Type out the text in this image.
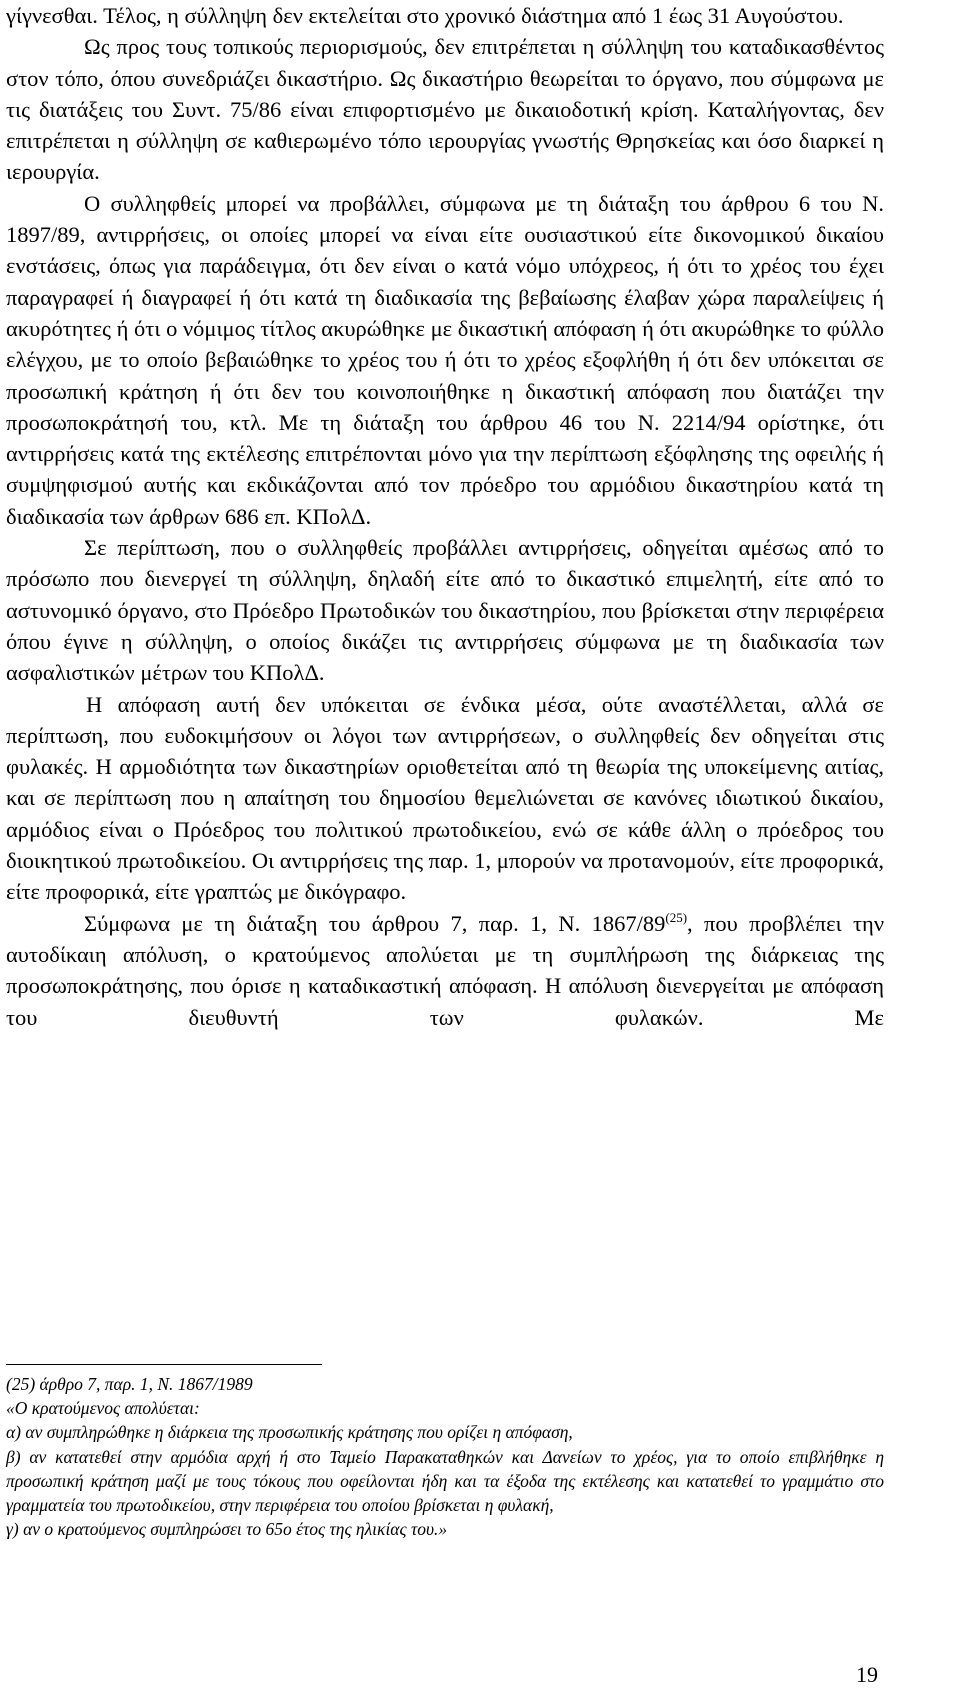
γίγνεσθαι. Τέλος, η σύλληψη δεν εκτελείται στο χρονικό διάστημα από 1 έως 31 Αυγούστου.

Ως προς τους τοπικούς περιορισμούς, δεν επιτρέπεται η σύλληψη του καταδικασθέντος στον τόπο, όπου συνεδριάζει δικαστήριο. Ως δικαστήριο θεωρείται το όργανο, που σύμφωνα με τις διατάξεις του Συντ. 75/86 είναι επιφορτισμένο με δικαιοδοτική κρίση. Καταλήγοντας, δεν επιτρέπεται η σύλληψη σε καθιερωμένο τόπο ιερουργίας γνωστής Θρησκείας και όσο διαρκεί η ιερουργία.

Ο συλληφθείς μπορεί να προβάλλει, σύμφωνα με τη διάταξη του άρθρου 6 του Ν. 1897/89, αντιρρήσεις, οι οποίες μπορεί να είναι είτε ουσιαστικού είτε δικονομικού δικαίου ενστάσεις, όπως για παράδειγμα, ότι δεν είναι ο κατά νόμο υπόχρεος, ή ότι το χρέος του έχει παραγραφεί ή διαγραφεί ή ότι κατά τη διαδικασία της βεβαίωσης έλαβαν χώρα παραλείψεις ή ακυρότητες ή ότι ο νόμιμος τίτλος ακυρώθηκε με δικαστική απόφαση ή ότι ακυρώθηκε το φύλλο ελέγχου, με το οποίο βεβαιώθηκε το χρέος του ή ότι το χρέος εξοφλήθη ή ότι δεν υπόκειται σε προσωπική κράτηση ή ότι δεν του κοινοποιήθηκε η δικαστική απόφαση που διατάζει την προσωποκράτησή του, κτλ. Με τη διάταξη του άρθρου 46 του Ν. 2214/94 ορίστηκε, ότι αντιρρήσεις κατά της εκτέλεσης επιτρέπονται μόνο για την περίπτωση εξόφλησης της οφειλής ή συμψηφισμού αυτής και εκδικάζονται από τον πρόεδρο του αρμόδιου δικαστηρίου κατά τη διαδικασία των άρθρων 686 επ. ΚΠολΔ.

Σε περίπτωση, που ο συλληφθείς προβάλλει αντιρρήσεις, οδηγείται αμέσως από το πρόσωπο που διενεργεί τη σύλληψη, δηλαδή είτε από το δικαστικό επιμελητή, είτε από το αστυνομικό όργανο, στο Πρόεδρο Πρωτοδικών του δικαστηρίου, που βρίσκεται στην περιφέρεια όπου έγινε η σύλληψη, ο οποίος δικάζει τις αντιρρήσεις σύμφωνα με τη διαδικασία των ασφαλιστικών μέτρων του ΚΠολΔ.

Η απόφαση αυτή δεν υπόκειται σε ένδικα μέσα, ούτε αναστέλλεται, αλλά σε περίπτωση, που ευδοκιμήσουν οι λόγοι των αντιρρήσεων, ο συλληφθείς δεν οδηγείται στις φυλακές. Η αρμοδιότητα των δικαστηρίων οριοθετείται από τη θεωρία της υποκείμενης αιτίας, και σε περίπτωση που η απαίτηση του δημοσίου θεμελιώνεται σε κανόνες ιδιωτικού δικαίου, αρμόδιος είναι ο Πρόεδρος του πολιτικού πρωτοδικείου, ενώ σε κάθε άλλη ο πρόεδρος του διοικητικού πρωτοδικείου. Οι αντιρρήσεις της παρ. 1, μπορούν να προτανομούν, είτε προφορικά, είτε προφορικά, είτε γραπτώς με δικόγραφο.

Σύμφωνα με τη διάταξη του άρθρου 7, παρ. 1, Ν. 1867/89$^{(25)}$, που προβλέπει την αυτοδίκαιη απόλυση, ο κρατούμενος απολύεται με τη συμπλήρωση της διάρκειας της προσωποκράτησης, που όρισε η καταδικαστική απόφαση. Η απόλυση διενεργείται με απόφαση του διευθυντή των φυλακών. Με

(25) άρθρο 7, παρ. 1, Ν. 1867/1989

«Ο κρατούμενος απολύεται:

α) αν συμπληρώθηκε η διάρκεια της προσωπικής κράτησης που ορίζει η απόφαση,

β) αν κατατεθεί στην αρμόδια αρχή ή στο Ταμείο Παρακαταθηκών και Δανείων το χρέος, για το οποίο επιβλήθηκε η προσωπική κράτηση μαζί με τους τόκους που οφείλονται ήδη και τα έξοδα της εκτέλεσης και κατατεθεί το γραμμάτιο στο γραμματεία του πρωτοδικείου, στην περιφέρεια του οποίου βρίσκεται η φυλακή,

γ) αν ο κρατούμενος συμπληρώσει το 65ο έτος της ηλικίας του.»

19
